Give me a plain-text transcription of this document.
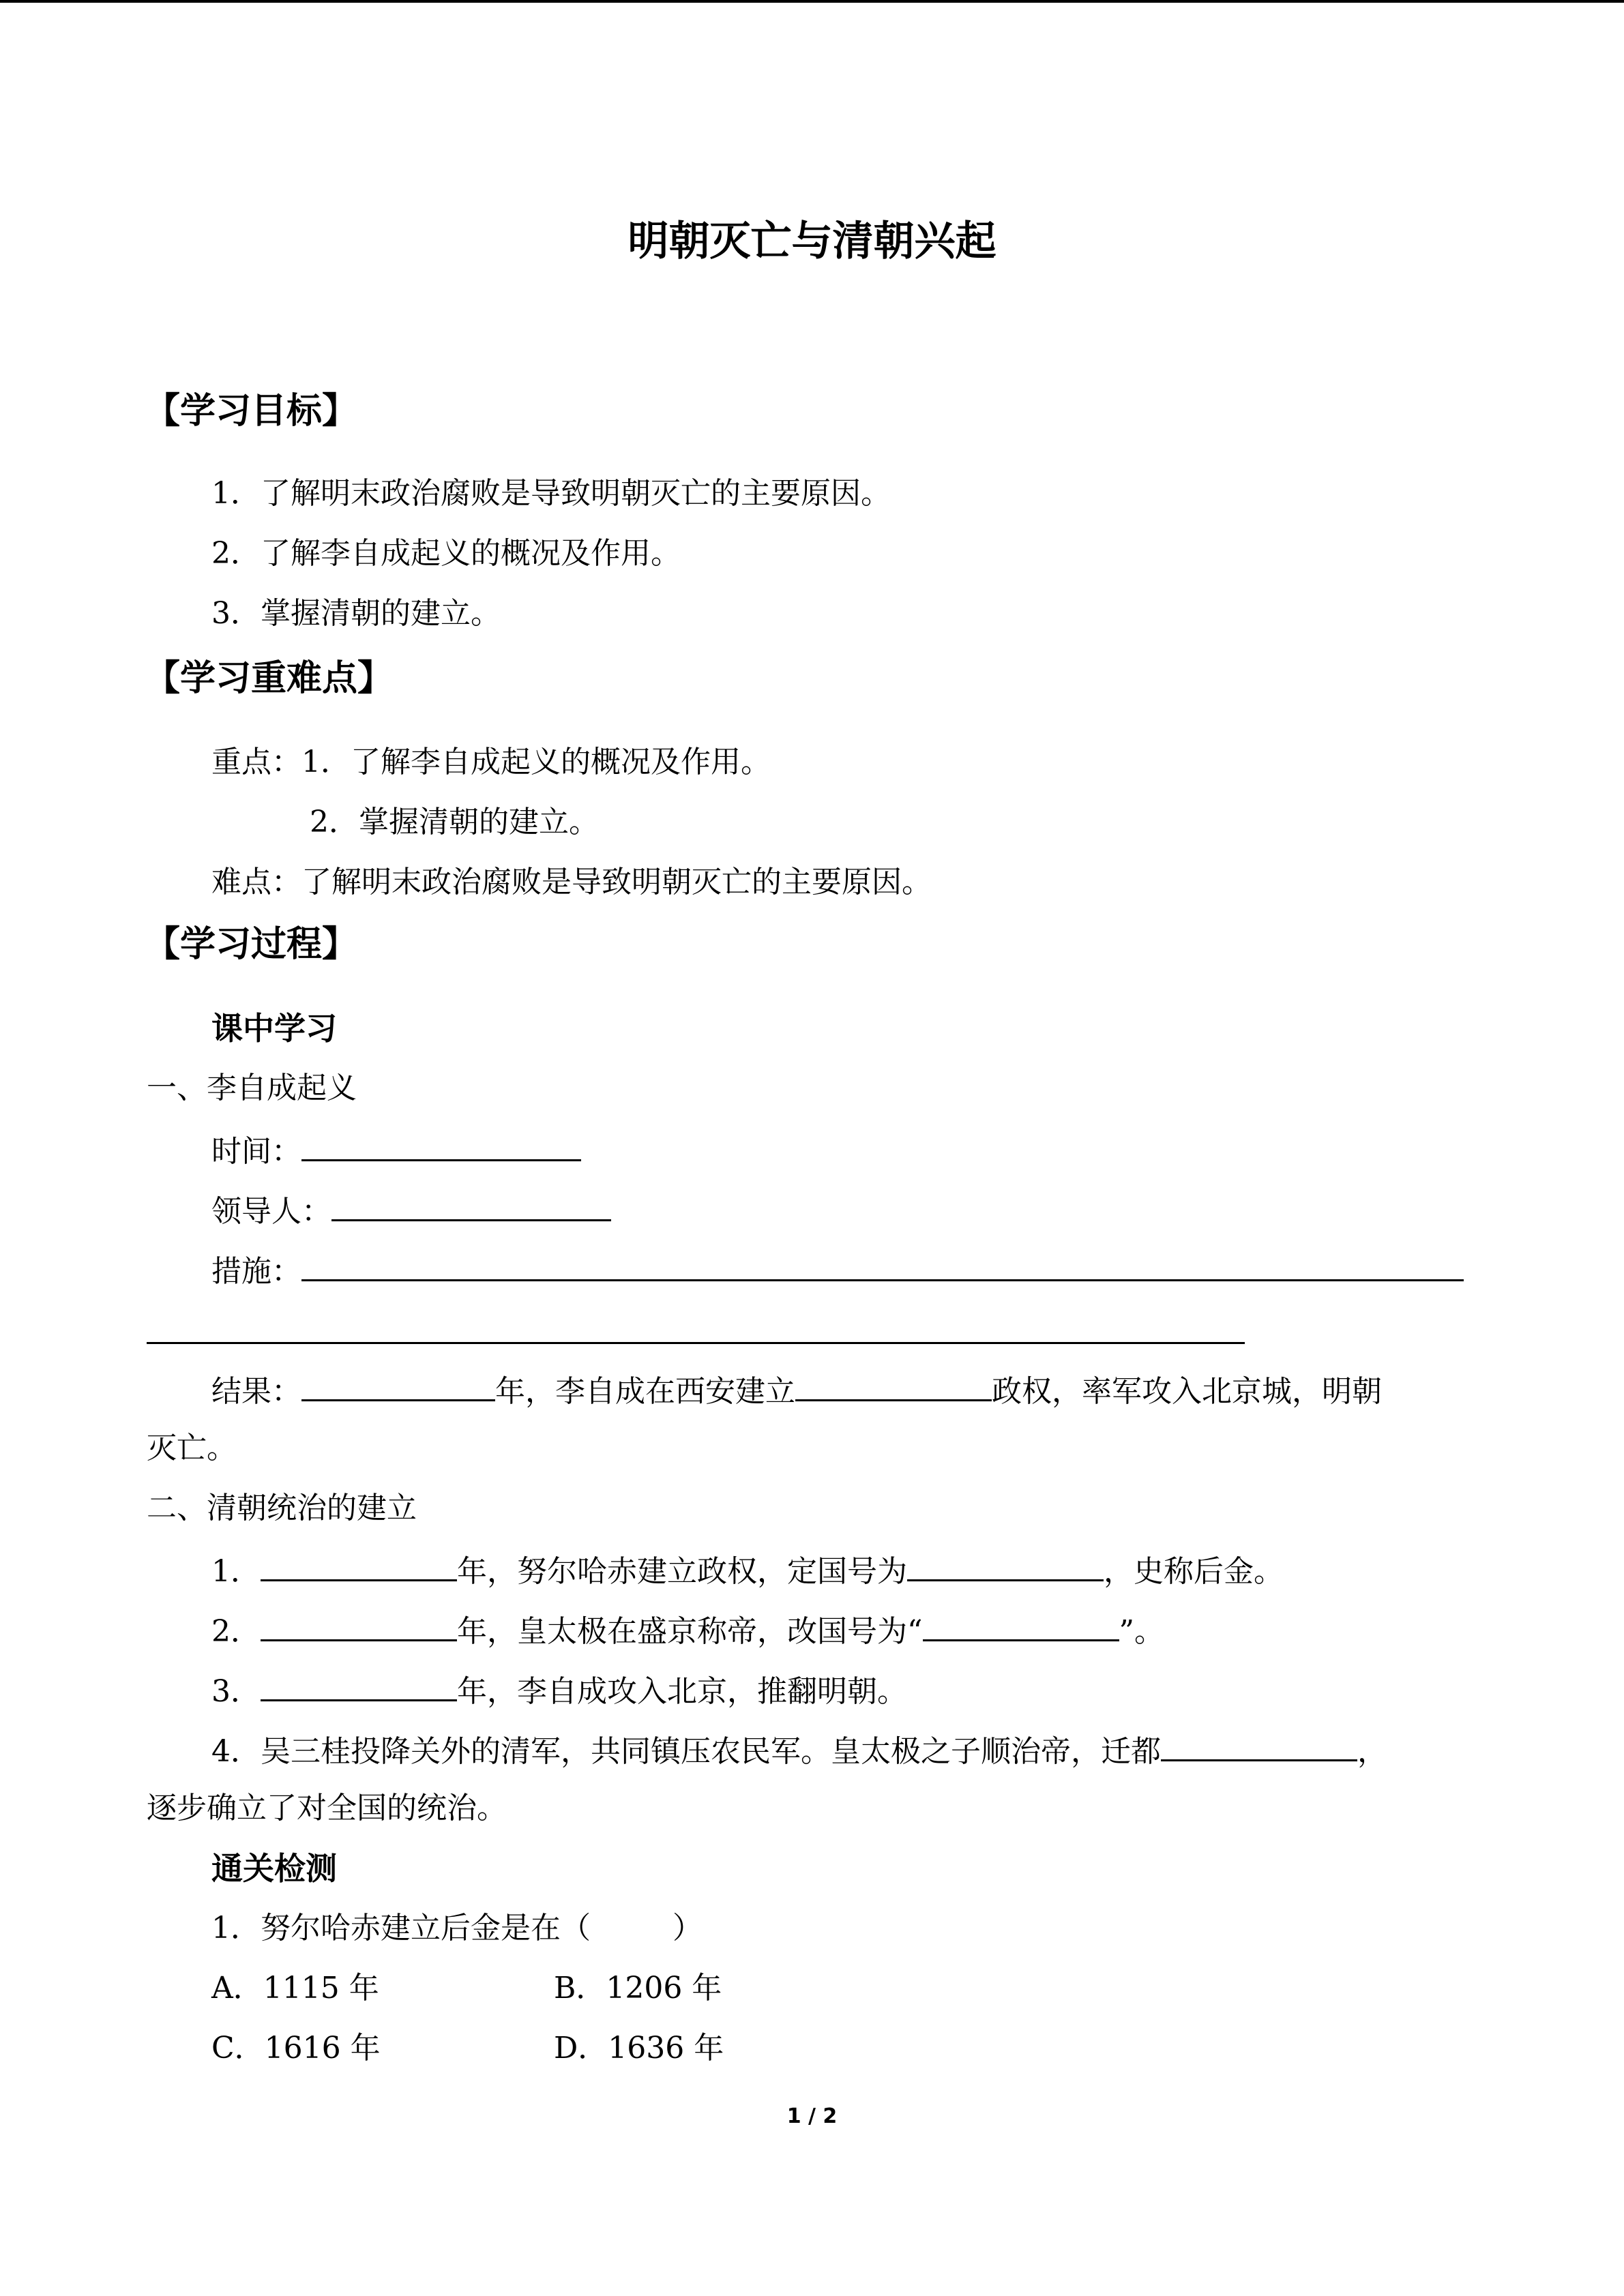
明朝灭亡与清朝兴起
【学习目标】
1．了解明末政治腐败是导致明朝灭亡的主要原因。
2．了解李自成起义的概况及作用。
3．掌握清朝的建立。
【学习重难点】
重点：1．了解李自成起义的概况及作用。
2．掌握清朝的建立。
难点：了解明末政治腐败是导致明朝灭亡的主要原因。
【学习过程】
课中学习
一、李自成起义
时间：
领导人：
措施：
结果：	年，李自成在西安建立	政权，率军攻入北京城，明朝
灭亡。
二、清朝统治的建立
1．	年，努尔哈赤建立政权，定国号为	，史称后金。
2．	年，皇太极在盛京称帝，改国号为“	”。
3．	年，李自成攻入北京，推翻明朝。
4．吴三桂投降关外的清军，共同镇压农民军。皇太极之子顺治帝，迁都	，
逐步确立了对全国的统治。
通关检测
1．努尔哈赤建立后金是在（	）
A．1115 年	B．1206 年
C．1616 年	D．1636 年
1 / 2
